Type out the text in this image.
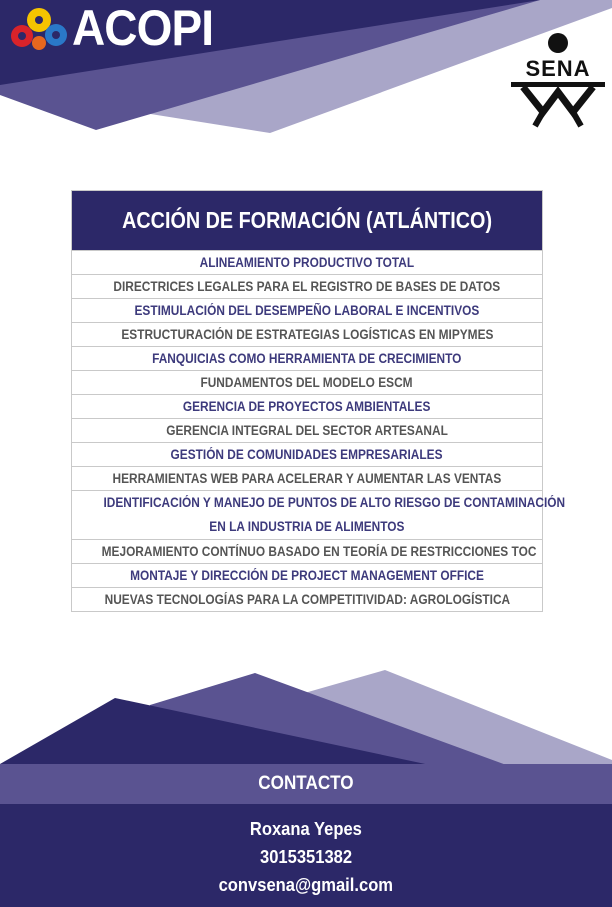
ACOPI
SENA
ACCIÓN DE FORMACIÓN (ATLÁNTICO)
ALINEAMIENTO PRODUCTIVO TOTAL
DIRECTRICES LEGALES PARA EL REGISTRO DE BASES DE DATOS
ESTIMULACIÓN DEL DESEMPEÑO LABORAL E INCENTIVOS
ESTRUCTURACIÓN DE ESTRATEGIAS LOGÍSTICAS EN MIPYMES
FANQUICIAS COMO HERRAMIENTA DE CRECIMIENTO
FUNDAMENTOS DEL MODELO ESCM
GERENCIA DE PROYECTOS AMBIENTALES
GERENCIA INTEGRAL DEL SECTOR ARTESANAL
GESTIÓN DE COMUNIDADES EMPRESARIALES
HERRAMIENTAS WEB PARA ACELERAR Y AUMENTAR LAS VENTAS
IDENTIFICACIÓN Y MANEJO DE PUNTOS DE ALTO RIESGO DE CONTAMINACIÓN
EN LA INDUSTRIA DE ALIMENTOS
MEJORAMIENTO CONTÍNUO BASADO EN TEORÍA DE RESTRICCIONES TOC
MONTAJE Y DIRECCIÓN DE PROJECT MANAGEMENT OFFICE
NUEVAS TECNOLOGÍAS PARA LA COMPETITIVIDAD: AGROLOGÍSTICA
CONTACTO
Roxana Yepes
3015351382
convsena@gmail.com
